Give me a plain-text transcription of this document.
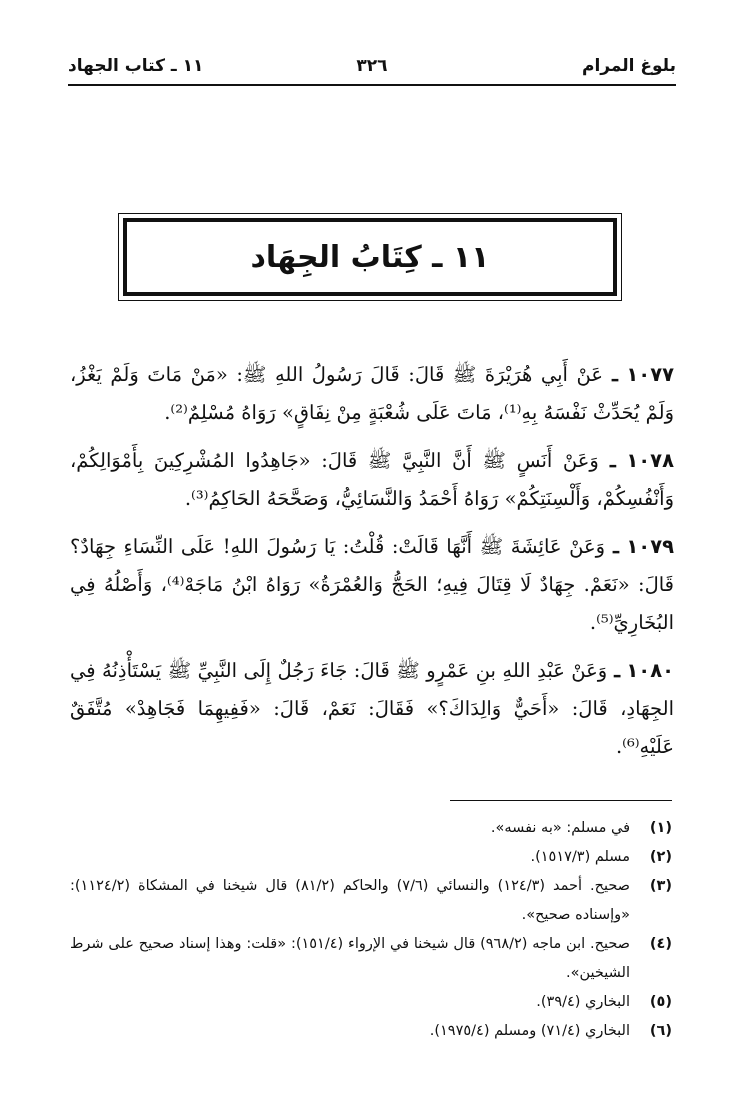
بلوغ المرام
٣٢٦
١١ ـ كتاب الجهاد
١١ ـ كِتَابُ الجِهَاد

١٠٧٧ ـ عَنْ أَبِي هُرَيْرَةَ ﷺ قَالَ: قَالَ رَسُولُ اللهِ ﷺ: «مَنْ مَاتَ وَلَمْ يَغْزُ، وَلَمْ يُحَدِّثْ نَفْسَهُ بِهِ⁽¹⁾، مَاتَ عَلَى شُعْبَةٍ مِنْ نِفَاقٍ» رَوَاهُ مُسْلِمٌ⁽²⁾.

١٠٧٨ ـ وَعَنْ أَنَسٍ ﷺ أَنَّ النَّبِيَّ ﷺ قَالَ: «جَاهِدُوا المُشْرِكِينَ بِأَمْوَالِكُمْ، وَأَنْفُسِكُمْ، وَأَلْسِنَتِكُمْ» رَوَاهُ أَحْمَدُ وَالنَّسَائِيُّ، وَصَحَّحَهُ الحَاكِمُ⁽³⁾.

١٠٧٩ ـ وَعَنْ عَائِشَةَ ﷺ أَنَّهَا قَالَتْ: قُلْتُ: يَا رَسُولَ اللهِ! عَلَى النِّسَاءِ جِهَادٌ؟ قَالَ: «نَعَمْ. جِهَادٌ لَا قِتَالَ فِيهِ؛ الحَجُّ وَالعُمْرَةُ» رَوَاهُ ابْنُ مَاجَهْ⁽⁴⁾، وَأَصْلُهُ فِي البُخَارِيِّ⁽⁵⁾.

١٠٨٠ ـ وَعَنْ عَبْدِ اللهِ بنِ عَمْرٍو ﷺ قَالَ: جَاءَ رَجُلٌ إِلَى النَّبِيِّ ﷺ يَسْتَأْذِنُهُ فِي الجِهَادِ، قَالَ: «أَحَيٌّ وَالِدَاكَ؟» فَقَالَ: نَعَمْ، قَالَ: «فَفِيهِمَا فَجَاهِدْ» مُتَّفَقٌ عَلَيْهِ⁽⁶⁾.

(١)
في مسلم: «به نفسه».
(٢)
مسلم (١٥١٧/٣).
(٣)
صحيح. أحمد (١٢٤/٣) والنسائي (٧/٦) والحاكم (٨١/٢) قال شيخنا في المشكاة (١١٢٤/٢): «وإسناده صحيح».
(٤)
صحيح. ابن ماجه (٩٦٨/٢) قال شيخنا في الإرواء (١٥١/٤): «قلت: وهذا إسناد صحيح على شرط الشيخين».
(٥)
البخاري (٣٩/٤).
(٦)
البخاري (٧١/٤) ومسلم (١٩٧٥/٤).
